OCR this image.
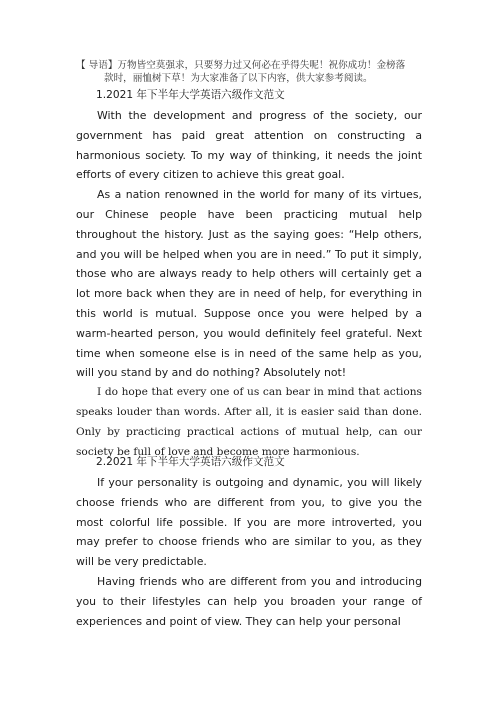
【 导语】万物皆空莫强求，只要努力过又何必在乎得失呢！祝你成功！金榜落
款时，丽恤树下草！为大家准备了以下内容，供大家参考阅读。
1.2021 年下半年大学英语六级作文范文

With the development and progress of the society, our government has paid great attention on constructing a harmonious society. To my way of thinking, it needs the joint efforts of every citizen to achieve this great goal.

As a nation renowned in the world for many of its virtues, our Chinese people have been practicing mutual help throughout the history. Just as the saying goes: “Help others, and you will be helped when you are in need.” To put it simply, those who are always ready to help others will certainly get a lot more back when they are in need of help, for everything in this world is mutual. Suppose once you were helped by a warm-hearted person, you would definitely feel grateful. Next time when someone else is in need of the same help as you, will you stand by and do nothing? Absolutely not!

I do hope that every one of us can bear in mind that actions speaks louder than words. After all, it is easier said than done. Only by practicing practical actions of mutual help, can our society be full of love and become more harmonious.

2.2021 年下半年大学英语六级作文范文

If your personality is outgoing and dynamic, you will likely choose friends who are different from you, to give you the most colorful life possible. If you are more introverted, you may prefer to choose friends who are similar to you, as they will be very predictable.

Having friends who are different from you and introducing you to their lifestyles can help you broaden your range of experiences and point of view. They can help your personal
